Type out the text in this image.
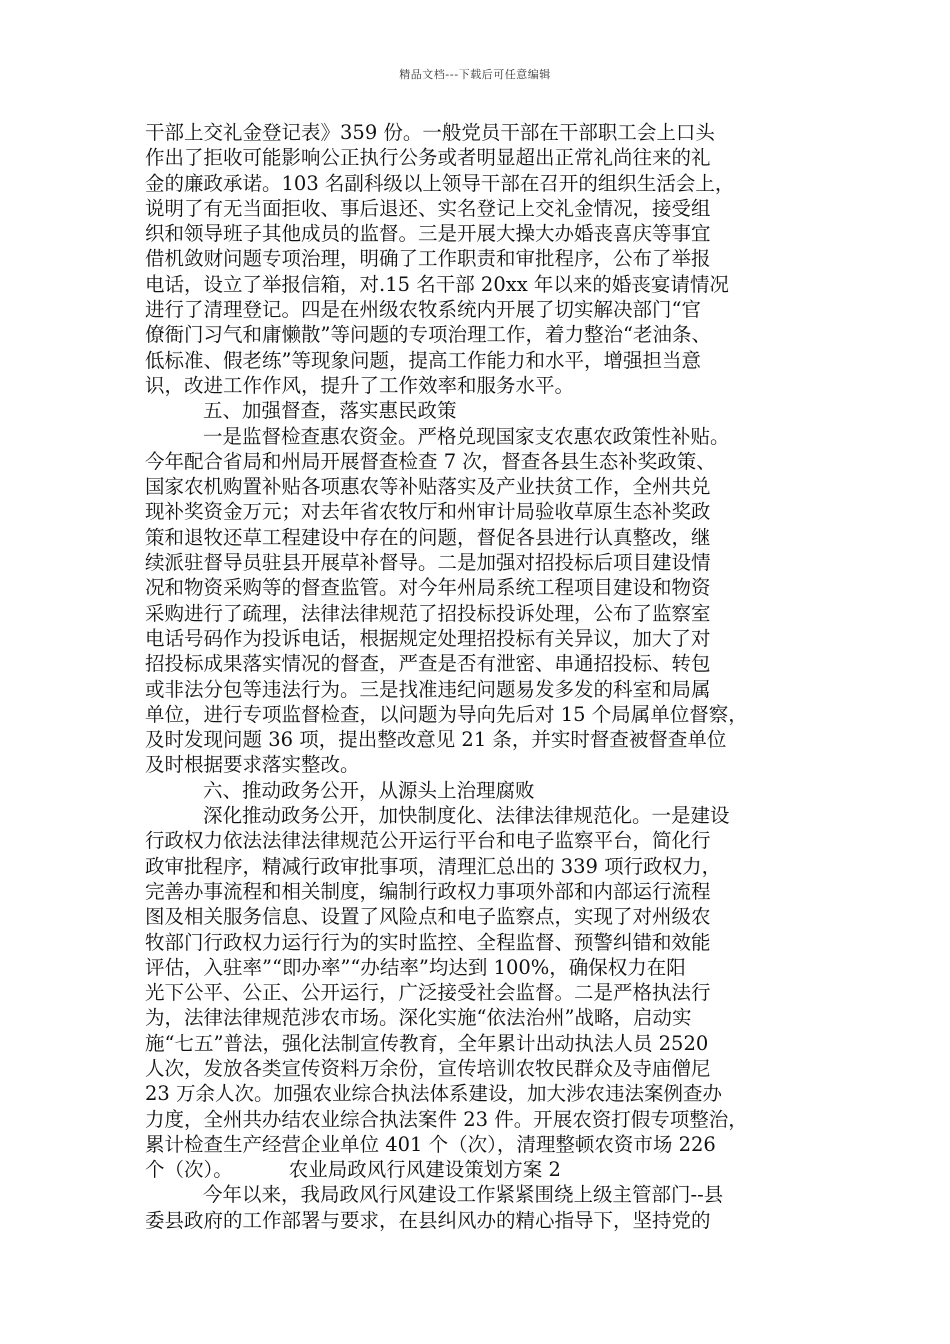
精品文档---下载后可任意编辑

干部上交礼金登记表》359 份。一般党员干部在干部职工会上口头

作出了拒收可能影响公正执行公务或者明显超出正常礼尚往来的礼

金的廉政承诺。103 名副科级以上领导干部在召开的组织生活会上，

说明了有无当面拒收、事后退还、实名登记上交礼金情况，接受组

织和领导班子其他成员的监督。三是开展大操大办婚丧喜庆等事宜

借机敛财问题专项治理，明确了工作职责和审批程序，公布了举报

电话，设立了举报信箱，对.15 名干部 20xx 年以来的婚丧宴请情况

进行了清理登记。四是在州级农牧系统内开展了切实解决部门“官

僚衙门习气和庸懒散”等问题的专项治理工作，着力整治“老油条、

低标准、假老练”等现象问题，提高工作能力和水平，增强担当意

识，改进工作作风，提升了工作效率和服务水平。

五、加强督查，落实惠民政策

一是监督检查惠农资金。严格兑现国家支农惠农政策性补贴。

今年配合省局和州局开展督查检查 7 次，督查各县生态补奖政策、

国家农机购置补贴各项惠农等补贴落实及产业扶贫工作，全州共兑

现补奖资金万元；对去年省农牧厅和州审计局验收草原生态补奖政

策和退牧还草工程建设中存在的问题，督促各县进行认真整改，继

续派驻督导员驻县开展草补督导。二是加强对招投标后项目建设情

况和物资采购等的督查监管。对今年州局系统工程项目建设和物资

采购进行了疏理，法律法律规范了招投标投诉处理，公布了监察室

电话号码作为投诉电话，根据规定处理招投标有关异议，加大了对

招投标成果落实情况的督查，严查是否有泄密、串通招投标、转包

或非法分包等违法行为。三是找准违纪问题易发多发的科室和局属

单位，进行专项监督检查，以问题为导向先后对 15 个局属单位督察，

及时发现问题 36 项，提出整改意见 21 条，并实时督查被督查单位

及时根据要求落实整改。

六、推动政务公开，从源头上治理腐败

深化推动政务公开，加快制度化、法律法律规范化。一是建设

行政权力依法法律法律规范公开运行平台和电子监察平台，简化行

政审批程序，精减行政审批事项，清理汇总出的 339 项行政权力，

完善办事流程和相关制度，编制行政权力事项外部和内部运行流程

图及相关服务信息、设置了风险点和电子监察点，实现了对州级农

牧部门行政权力运行行为的实时监控、全程监督、预警纠错和效能

评估，入驻率”“即办率”“办结率”均达到 100%，确保权力在阳

光下公平、公正、公开运行，广泛接受社会监督。二是严格执法行

为，法律法律规范涉农市场。深化实施“依法治州”战略，启动实

施“七五”普法，强化法制宣传教育，全年累计出动执法人员 2520

人次，发放各类宣传资料万余份，宣传培训农牧民群众及寺庙僧尼

23 万余人次。加强农业综合执法体系建设，加大涉农违法案例查办

力度，全州共办结农业综合执法案件 23 件。开展农资打假专项整治，

累计检查生产经营企业单位 401 个（次），清理整顿农资市场 226

个（次）。	农业局政风行风建设策划方案 2

今年以来，我局政风行风建设工作紧紧围绕上级主管部门--县

委县政府的工作部署与要求，在县纠风办的精心指导下，坚持党的
